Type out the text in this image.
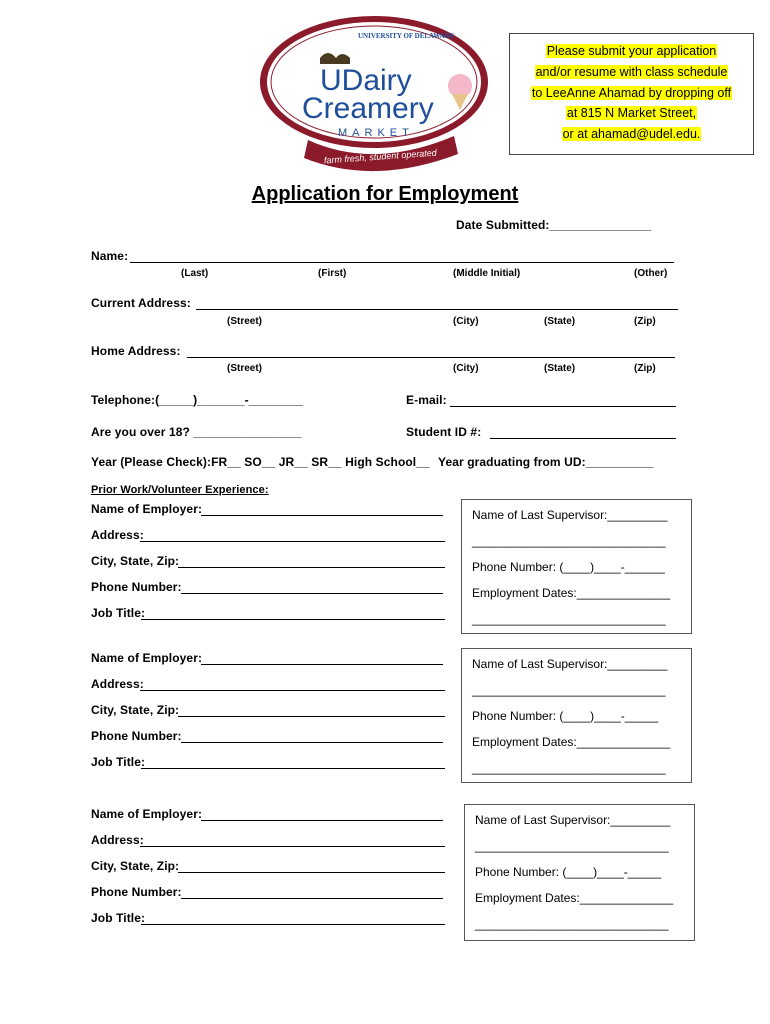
UNIVERSITY OF DELAWARE
UDairy
Creamery
MARKET
farm fresh, student operated
Please submit your application
and/or resume with class schedule
to LeeAnne Ahamad by dropping off
at 815 N Market Street,
or at ahamad@udel.edu.
Application for Employment
Date Submitted:_______________
Name:
(Last)	(First)	(Middle Initial)	(Other)
Current Address:
(Street)	(City)	(State)	(Zip)
Home Address:
(Street)	(City)	(State)	(Zip)
Telephone:(_____)_______-________	E-mail:
Are you over 18? ________________	Student ID #:
Year (Please Check):FR__ SO__ JR__ SR__ High School__ Year graduating from UD:__________
Prior Work/Volunteer Experience:
Name of Employer:
Address:
City, State, Zip:
Phone Number:
Job Title:
Name of Last Supervisor:_________
_____________________________
Phone Number: (____)____-______
Employment Dates:______________
_____________________________
Name of Employer:
Address:
City, State, Zip:
Phone Number:
Job Title:
Name of Last Supervisor:_________
_____________________________
Phone Number: (____)____-_____
Employment Dates:______________
_____________________________
Name of Employer:
Address:
City, State, Zip:
Phone Number:
Job Title:
Name of Last Supervisor:_________
_____________________________
Phone Number: (____)____-_____
Employment Dates:______________
_____________________________
